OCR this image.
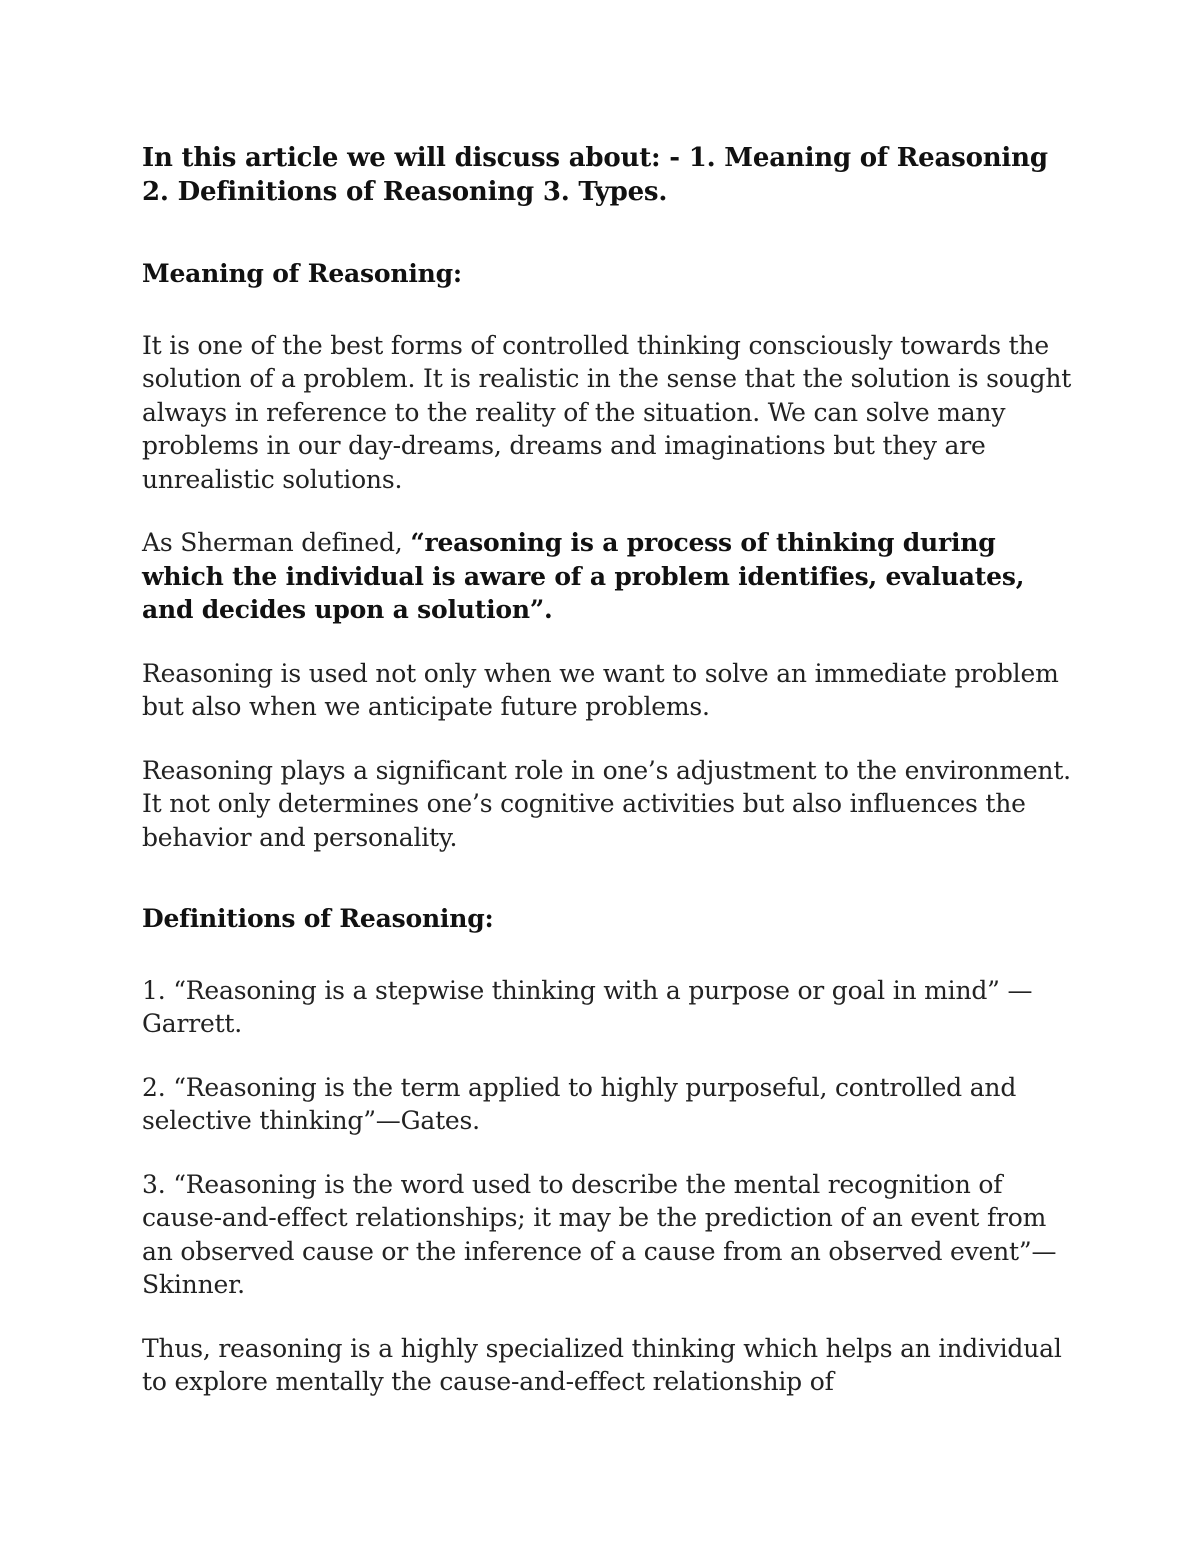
In this article we will discuss about: - 1. Meaning of Reasoning 2. Definitions of Reasoning 3. Types.

Meaning of Reasoning:

It is one of the best forms of controlled thinking consciously towards the solution of a problem. It is realistic in the sense that the solution is sought always in reference to the reality of the situation. We can solve many problems in our day-dreams, dreams and imaginations but they are unrealistic solutions.

As Sherman defined, “reasoning is a process of thinking during which the individual is aware of a problem identifies, evaluates, and decides upon a solution”.

Reasoning is used not only when we want to solve an immediate problem but also when we anticipate future problems.

Reasoning plays a significant role in one’s adjustment to the environment. It not only determines one’s cognitive activities but also influences the behavior and personality.

Definitions of Reasoning:

1. “Reasoning is a stepwise thinking with a purpose or goal in mind” —Garrett.

2. “Reasoning is the term applied to highly purposeful, controlled and selective thinking”—Gates.

3. “Reasoning is the word used to describe the mental recognition of cause-and-effect relationships; it may be the prediction of an event from an observed cause or the inference of a cause from an observed event”—Skinner.

Thus, reasoning is a highly specialized thinking which helps an individual to explore mentally the cause-and-effect relationship of
